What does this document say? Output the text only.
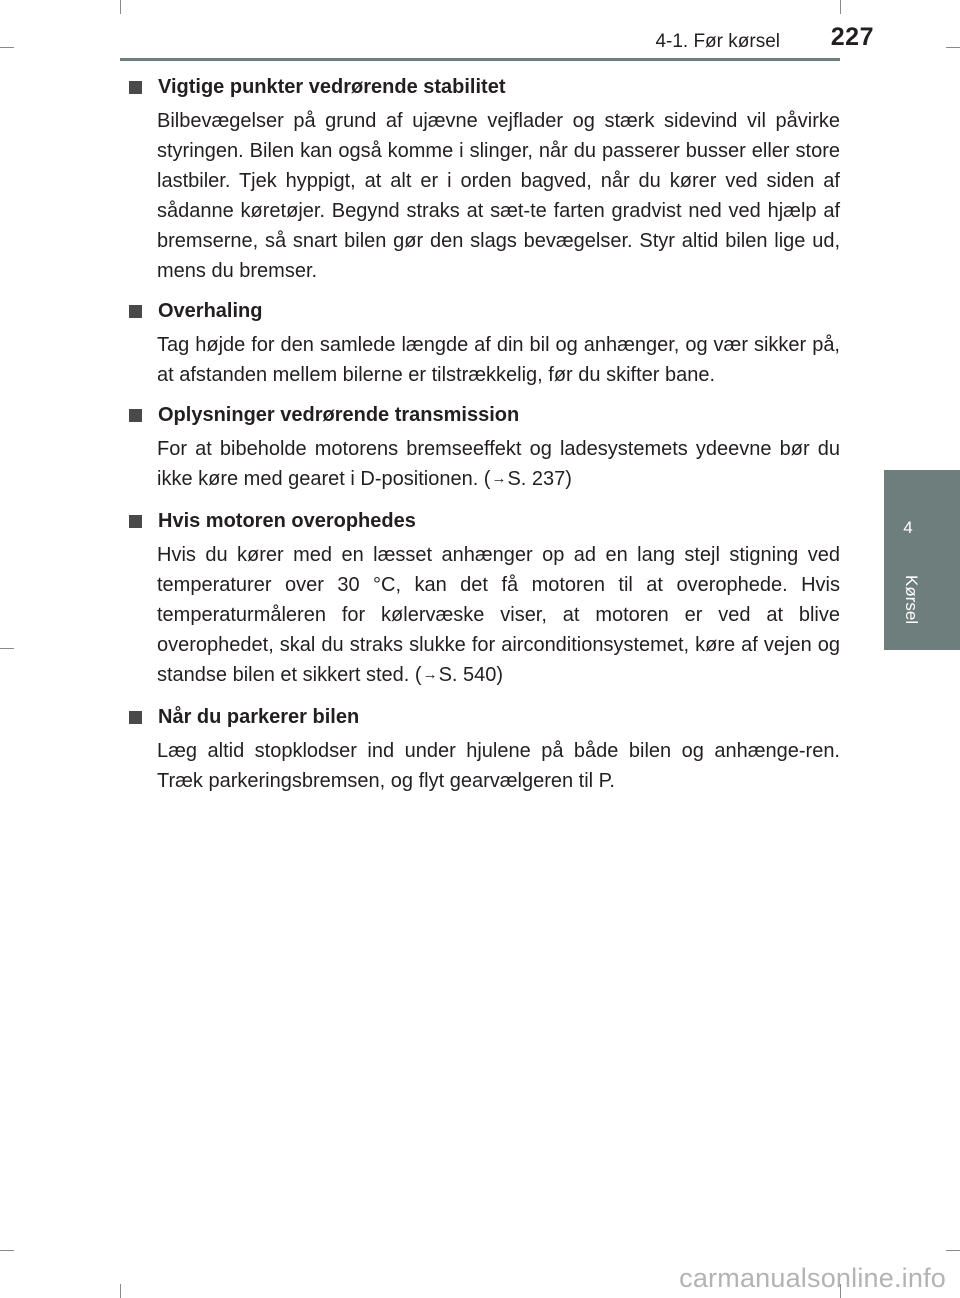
4-1. Før kørsel 227
4
Kørsel
Vigtige punkter vedrørende stabilitet

Bilbevægelser på grund af ujævne vejflader og stærk sidevind vil påvirke styringen. Bilen kan også komme i slinger, når du passerer busser eller store lastbiler. Tjek hyppigt, at alt er i orden bagved, når du kører ved siden af sådanne køretøjer. Begynd straks at sæt-te farten gradvist ned ved hjælp af bremserne, så snart bilen gør den slags bevægelser. Styr altid bilen lige ud, mens du bremser.

Overhaling

Tag højde for den samlede længde af din bil og anhænger, og vær sikker på, at afstanden mellem bilerne er tilstrækkelig, før du skifter bane.

Oplysninger vedrørende transmission

For at bibeholde motorens bremseeffekt og ladesystemets ydeevne bør du ikke køre med gearet i D-positionen. (→S. 237)

Hvis motoren overophedes

Hvis du kører med en læsset anhænger op ad en lang stejl stigning ved temperaturer over 30 °C, kan det få motoren til at overophede. Hvis temperaturmåleren for kølervæske viser, at motoren er ved at blive overophedet, skal du straks slukke for airconditionsystemet, køre af vejen og standse bilen et sikkert sted. (→S. 540)

Når du parkerer bilen

Læg altid stopklodser ind under hjulene på både bilen og anhænge-ren. Træk parkeringsbremsen, og flyt gearvælgeren til P.

carmanualsonline.info
